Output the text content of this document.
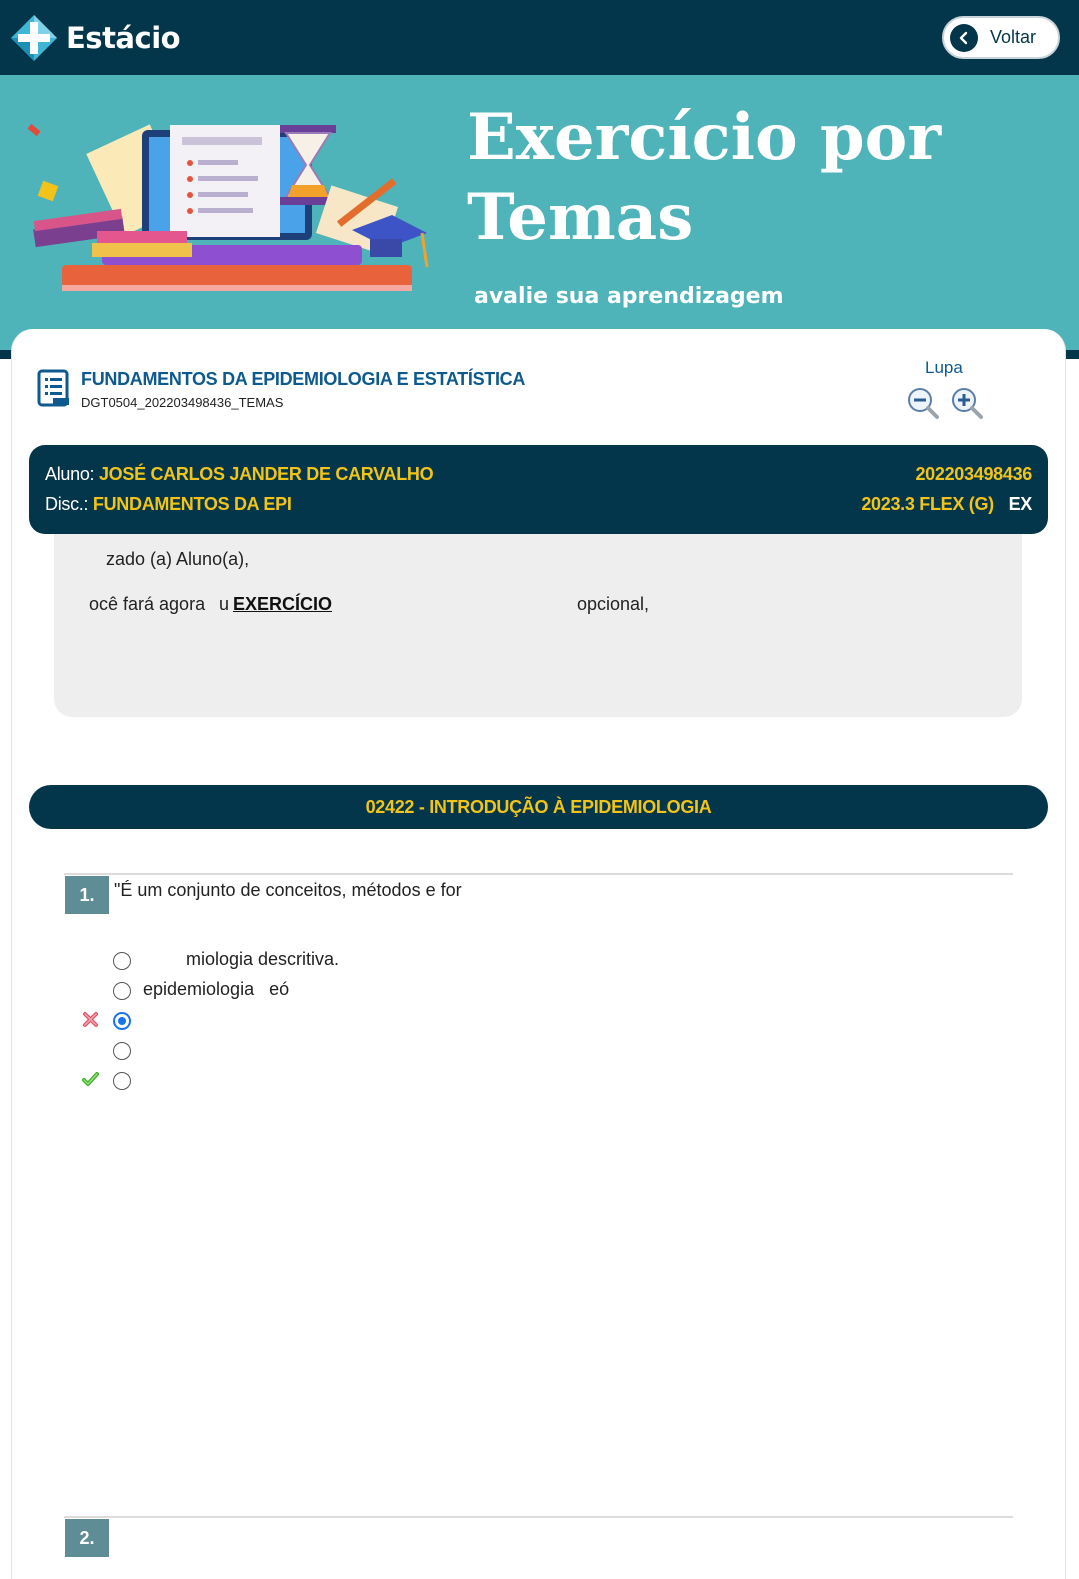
Estácio	Voltar
Exercício por Temas
avalie sua aprendizagem
FUNDAMENTOS DA EPIDEMIOLOGIA E ESTATÍSTICA
DGT0504_202203498436_TEMAS
Lupa
Aluno: JOSÉ CARLOS JANDER DE CARVALHO	202203498436
Disc.: FUNDAMENTOS DA EPI	2023.3 FLEX (G) EX
zado (a) Aluno(a),
ocê fará agora u EXERCÍCIO	opcional,
02422 - INTRODUÇÃO À EPIDEMIOLOGIA
1.	"É um conjunto de conceitos, métodos e for
miologia descritiva.
epidemiologia   eó
2.
